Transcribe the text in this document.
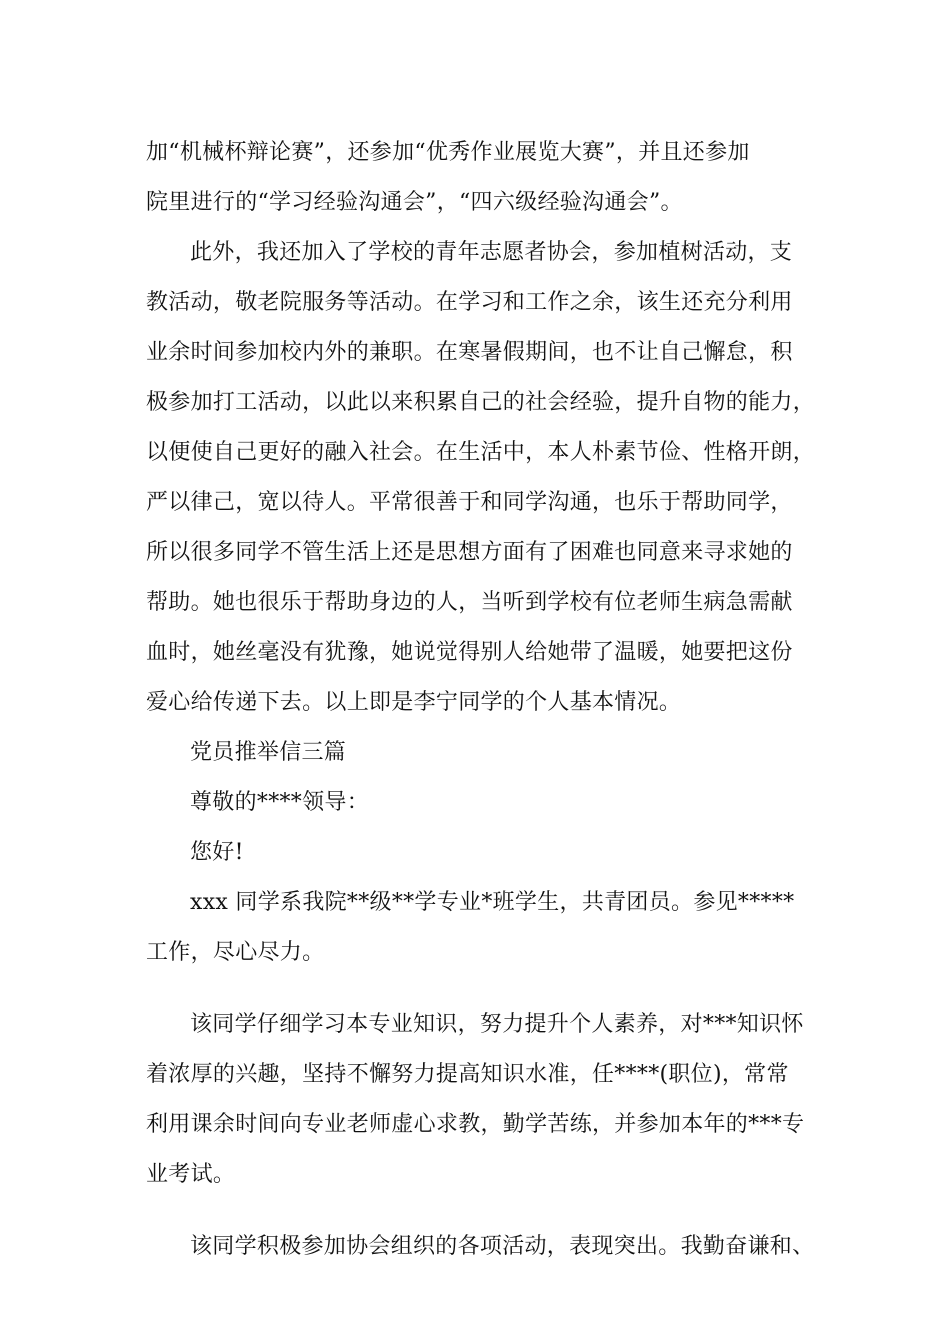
加“机械杯辩论赛”，还参加“优秀作业展览大赛”，并且还参加
院里进行的“学习经验沟通会”，“四六级经验沟通会”。
此外，我还加入了学校的青年志愿者协会，参加植树活动，支
教活动，敬老院服务等活动。在学习和工作之余，该生还充分利用
业余时间参加校内外的兼职。在寒暑假期间，也不让自己懈怠，积
极参加打工活动，以此以来积累自己的社会经验，提升自物的能力，
以便使自己更好的融入社会。在生活中，本人朴素节俭、性格开朗，
严以律己，宽以待人。平常很善于和同学沟通，也乐于帮助同学，
所以很多同学不管生活上还是思想方面有了困难也同意来寻求她的
帮助。她也很乐于帮助身边的人，当听到学校有位老师生病急需献
血时，她丝毫没有犹豫，她说觉得别人给她带了温暖，她要把这份
爱心给传递下去。以上即是李宁同学的个人基本情况。
党员推举信三篇
尊敬的****领导：
您好!
xxx 同学系我院**级**学专业*班学生，共青团员。参见*****
工作，尽心尽力。
该同学仔细学习本专业知识，努力提升个人素养，对***知识怀
着浓厚的兴趣，坚持不懈努力提高知识水准，任****(职位)，常常
利用课余时间向专业老师虚心求教，勤学苦练，并参加本年的***专
业考试。
该同学积极参加协会组织的各项活动，表现突出。我勤奋谦和、
